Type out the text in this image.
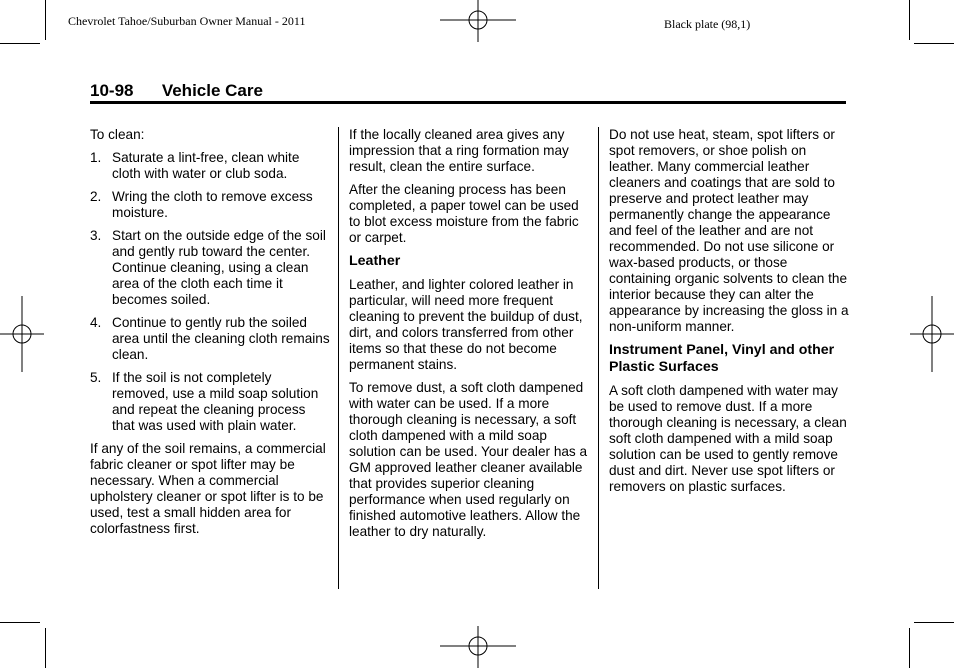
Chevrolet Tahoe/Suburban Owner Manual - 2011	Black plate (98,1)
10-98 Vehicle Care

To clean:

1. Saturate a lint-free, clean white cloth with water or club soda.
2. Wring the cloth to remove excess moisture.
3. Start on the outside edge of the soil and gently rub toward the center. Continue cleaning, using a clean area of the cloth each time it becomes soiled.
4. Continue to gently rub the soiled area until the cleaning cloth remains clean.
5. If the soil is not completely removed, use a mild soap solution and repeat the cleaning process that was used with plain water.

If any of the soil remains, a commercial fabric cleaner or spot lifter may be necessary. When a commercial upholstery cleaner or spot lifter is to be used, test a small hidden area for colorfastness first.

If the locally cleaned area gives any impression that a ring formation may result, clean the entire surface.

After the cleaning process has been completed, a paper towel can be used to blot excess moisture from the fabric or carpet.

Leather

Leather, and lighter colored leather in particular, will need more frequent cleaning to prevent the buildup of dust, dirt, and colors transferred from other items so that these do not become permanent stains.

To remove dust, a soft cloth dampened with water can be used. If a more thorough cleaning is necessary, a soft cloth dampened with a mild soap solution can be used. Your dealer has a GM approved leather cleaner available that provides superior cleaning performance when used regularly on finished automotive leathers. Allow the leather to dry naturally.

Do not use heat, steam, spot lifters or spot removers, or shoe polish on leather. Many commercial leather cleaners and coatings that are sold to preserve and protect leather may permanently change the appearance and feel of the leather and are not recommended. Do not use silicone or wax-based products, or those containing organic solvents to clean the interior because they can alter the appearance by increasing the gloss in a non-uniform manner.

Instrument Panel, Vinyl and other Plastic Surfaces

A soft cloth dampened with water may be used to remove dust. If a more thorough cleaning is necessary, a clean soft cloth dampened with a mild soap solution can be used to gently remove dust and dirt. Never use spot lifters or removers on plastic surfaces.
